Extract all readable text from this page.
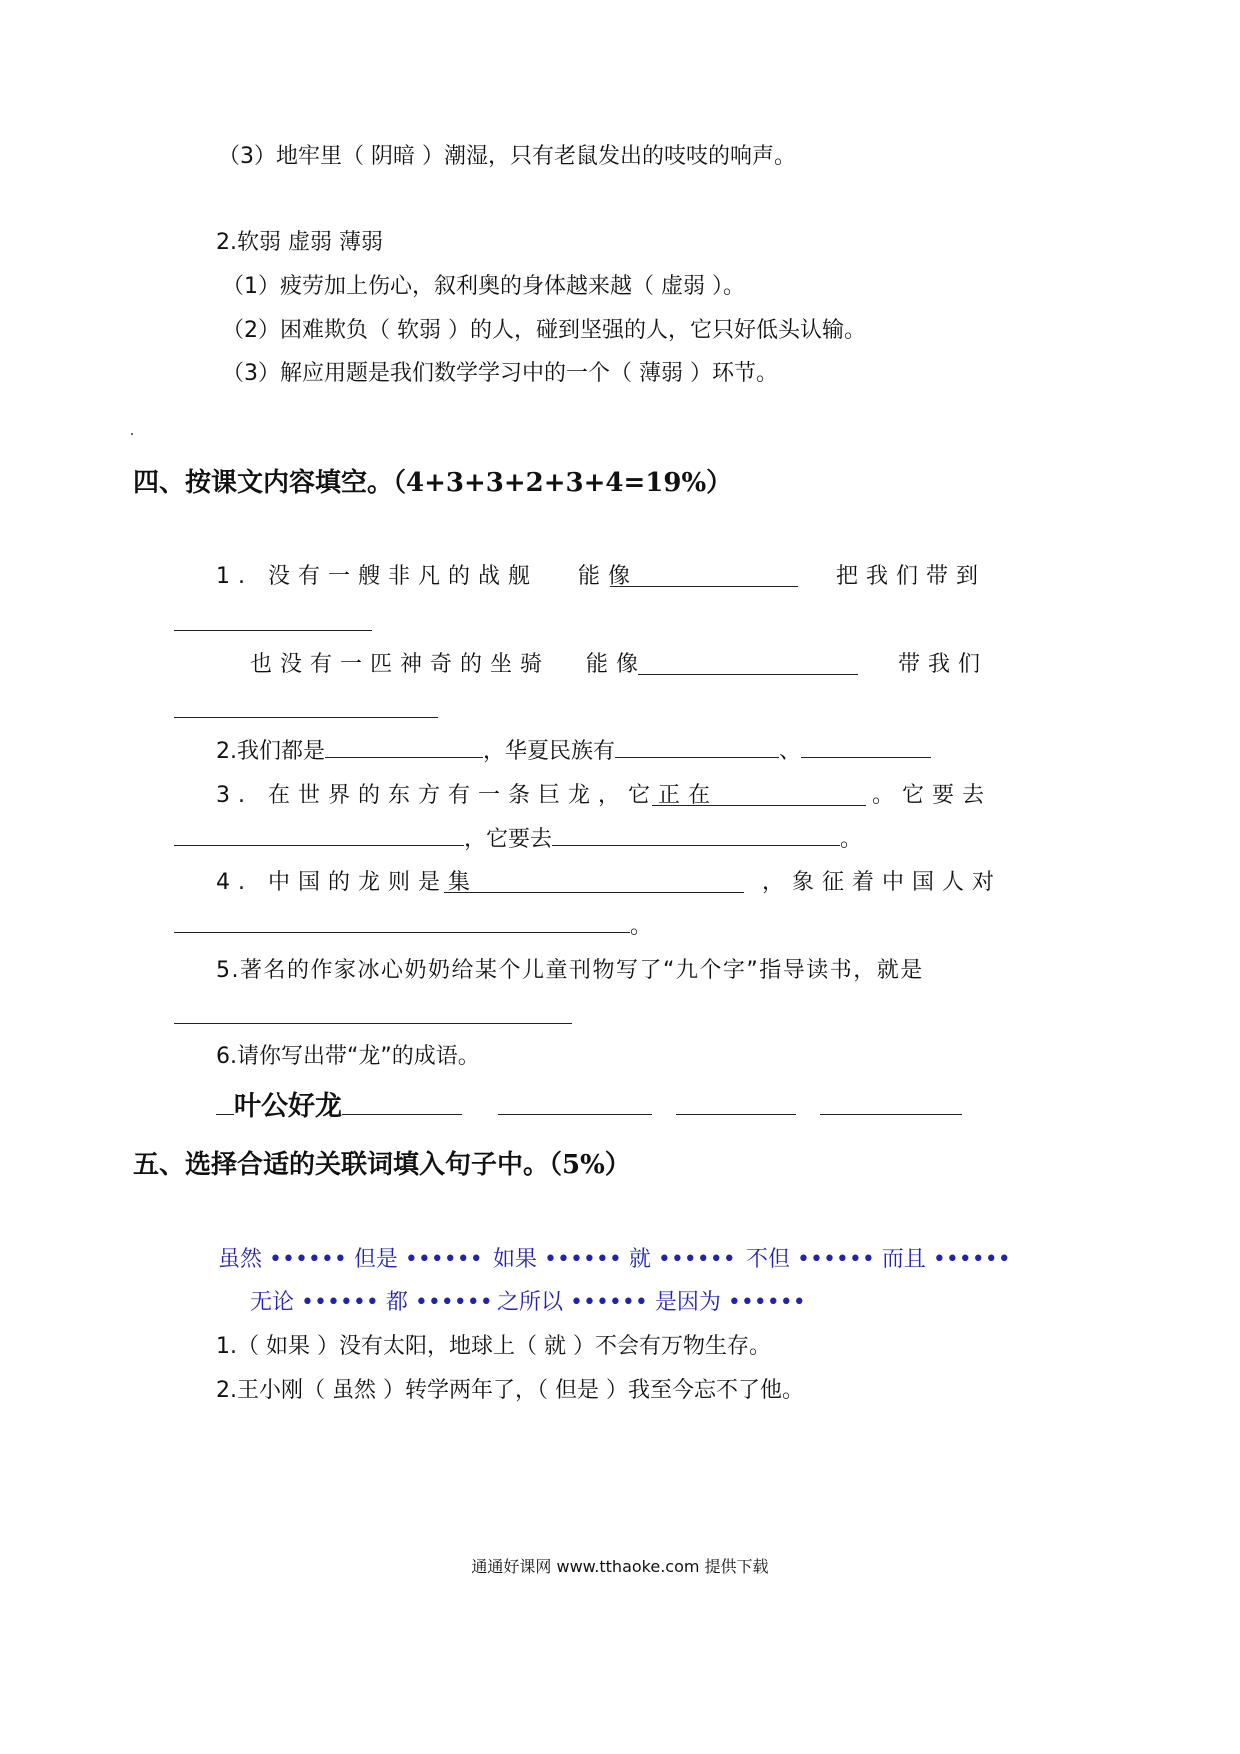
（3）地牢里（ 阴暗 ）潮湿，只有老鼠发出的吱吱的响声。
2.软弱 虚弱 薄弱
（1）疲劳加上伤心，叙利奥的身体越来越（ 虚弱 ）。
（2）困难欺负（ 软弱 ）的人，碰到坚强的人，它只好低头认输。
（3）解应用题是我们数学学习中的一个（ 薄弱 ）环节。
四、按课文内容填空。（4+3+3+2+3+4=19%）
1. 没有一艘非凡的战舰 能像	把我们带到
也没有一匹神奇的坐骑 能像	带我们
2.我们都是	，华夏民族有	、
3. 在世界的东方有一条巨龙，它正在	。它要去
，它要去	。
4. 中国的龙则是集	，象征着中国人对
。
5.著名的作家冰心奶奶给某个儿童刊物写了“九个字”指导读书，就是
6.请你写出带“龙”的成语。
叶公好龙
五、选择合适的关联词填入句子中。（5%）
虽然 •••••• 但是 •••••• 如果 •••••• 就 •••••• 不但 •••••• 而且 ••••••
无论 •••••• 都 •••••• 之所以 •••••• 是因为 ••••••
1.（ 如果 ）没有太阳，地球上（ 就 ）不会有万物生存。
2.王小刚（ 虽然 ）转学两年了，（ 但是 ）我至今忘不了他。
通通好课网 www.tthaoke.com 提供下载
